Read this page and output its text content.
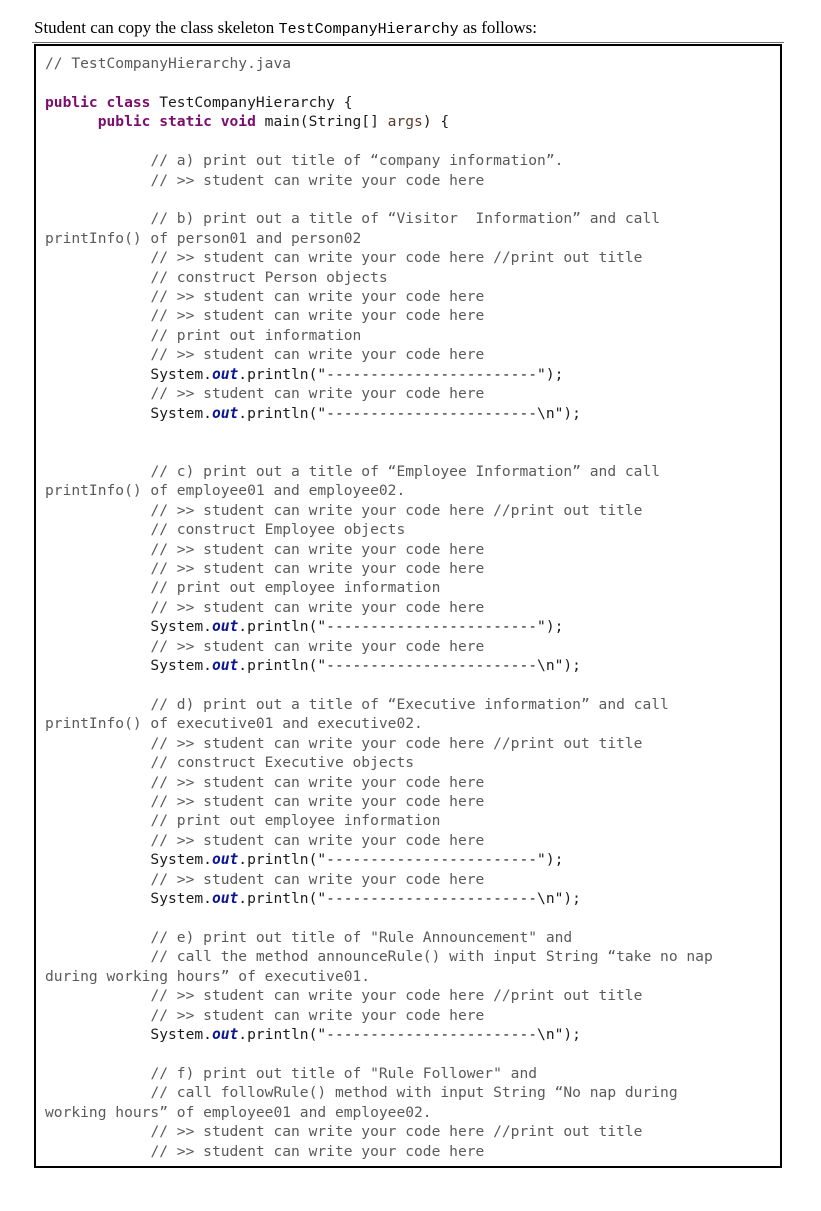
Student can copy the class skeleton TestCompanyHierarchy as follows:
// TestCompanyHierarchy.java

public class TestCompanyHierarchy {
public static void main(String[] args) {

// a) print out title of “company information”.
// >> student can write your code here

// b) print out a title of “Visitor  Information” and call
printInfo() of person01 and person02
// >> student can write your code here //print out title
// construct Person objects
// >> student can write your code here
// >> student can write your code here
// print out information
// >> student can write your code here
System.out.println("------------------------");
// >> student can write your code here
System.out.println("------------------------\n");

// c) print out a title of “Employee Information” and call
printInfo() of employee01 and employee02.
// >> student can write your code here //print out title
// construct Employee objects
// >> student can write your code here
// >> student can write your code here
// print out employee information
// >> student can write your code here
System.out.println("------------------------");
// >> student can write your code here
System.out.println("------------------------\n");

// d) print out a title of “Executive information” and call
printInfo() of executive01 and executive02.
// >> student can write your code here //print out title
// construct Executive objects
// >> student can write your code here
// >> student can write your code here
// print out employee information
// >> student can write your code here
System.out.println("------------------------");
// >> student can write your code here
System.out.println("------------------------\n");

// e) print out title of "Rule Announcement" and
// call the method announceRule() with input String “take no nap
during working hours” of executive01.
// >> student can write your code here //print out title
// >> student can write your code here
System.out.println("------------------------\n");

// f) print out title of "Rule Follower" and
// call followRule() method with input String “No nap during
working hours” of employee01 and employee02.
// >> student can write your code here //print out title
// >> student can write your code here
